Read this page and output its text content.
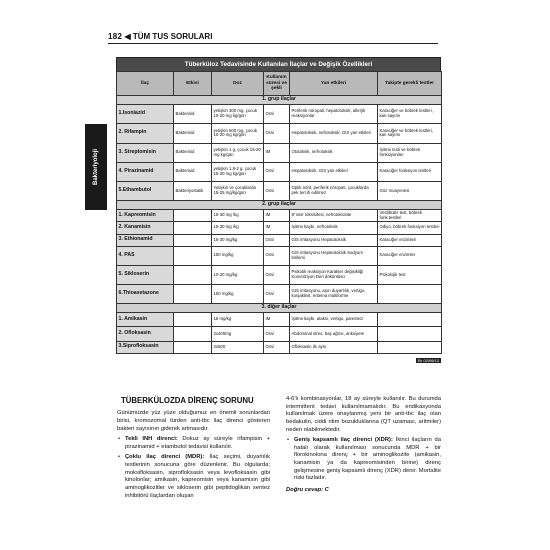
182 ◀ TÜM TUS SORULARI
Bakteriyoloji
Tüberküloz Tedavisinde Kullanılan İlaçlar ve Değişik Özellikleri
İlaç	Etkisi	Doz	Kullanım süresi ve şekli	Yan etkileri	Takipte gerekli testler
1. grup ilaçlar					
1.Isoniazid	Bakterisid	yetişkin 300 mg, çocuk 10-20 mg kg/gün	Oral	Periferik nöropati, hepatotoksik, allerjik reaksiyonlar	Karaciğer ve böbrek testleri, kan sayımı
2. Rifampin	Bakterisid	yetişkin 600 mg, çocuk 10-20 mg kg/gün	Oral	Hepatotoksik, nefrotoksik, GIS yan etkileri	Karaciğer ve böbrek testleri, kan sayımı
3. Streptomisin	Bakterisid	yetişkin 1 g, çocuk 15-20 mg kg/gün	IM	Ototoksik, nefrotoksik	İşitme testi ve böbrek fonksiyonları
4. Pirazinamid	Bakterisid	yetişkin 1.5-2 g, çocuk 15-30 mg kg/gün	Oral	Hepatotoksik, GIS yan etkileri	Karaciğer fonksiyon testleri
5.Ethambutol	Bakteriyostatik	Yetişkin ve çocuklarda 15-25 mg/kg/gün	Oral	Optik nörit, periferik nöropati, çocuklarda pek tercih edilmez	Göz muayenesi
2. grup ilaçlar					
1. Kapreomisin		15-30 mg /kg	IM	8' sinir toksisitesi, nefrotoksisite	Vestibüler test, böbrek fonk.testleri
2. Kanamisin		15-30 mg /kg	IM	İşitme kaybı, nefrotoksik	Odiyo, böbrek fonksiyon testleri
3. Ethionamid		15-30 mg/kg	Oral	GIS irritasyonu Hepatotoksik	Karaciğer enzimleri
4. PAS		150 mg/kg	Oral	GIS irritasyonu Hepatotoksik Sodyum birikimi	Karaciğer enzimler
5. Sikloserin		10-20 mg/kg	Oral	Psikotik reaksiyon Karakter değişikliği Konvülziyon Deri döküntüsü	Psikolojik test
6.Thioasetazone		150 mg/kg	Oral	GIS irritasyonu, aşırı duyarlılık, vertigo, konjaktivit, eritema multiforme	
3. diğer ilaçlar					
1. Amikasin		15 mg/kg	IM	İşitme kaybı, ataksi, vertigo, parestezi	
2. Ofloksasin		2x400mg	Oral	Abdominal stres, baş ağrısı, anksiyete	
3.Siprofloksasin		2x500	Oral	Ofloksasin ile aynı	
Ek 02/06/13
TÜBERKÜLOZDA DİRENÇ SORUNU

Günümüzde yüz yüze olduğumuz en önemli sorunlardan birisi, kromozomal türden anti-tbc ilaç direnci gösteren bakteri sayısının giderek artmasıdır.

• Tekli INH direnci: Dokuz ay süreyle rifampisin + pirazinamid + etambutol tedavisi kullanılır.

• Çoklu ilaç direnci (MDR): İlaç seçimi, duyarlılık testlerinin sonucuna göre düzenlenir. Bu olgularda; moksifloksasin, siprofloksasin veya levofloksasin gibi kinolonlar; amikasin, kapreomisin veya kanamisin gibi aminoglikozitler ve sikloserin gibi peptidoglikan sentez inhibitörü ilaçlardan oluşan

4-6'lı kombinasyonlar, 18 ay süreyle kullanılır. Bu durumda intermittent tedavi kullanılmamalıdır. Bu endikasyonda kullanılmak üzere onaylanmış yeni bir anti-tbc ilaç olan bedakulin, ciddi ritim bozukluklarına (QT uzaması, aritmiler) neden olabilmektedir.

• Geniş kapsamlı ilaç direnci (XDR): İkinci ilaçların da hatalı olarak kullanılması sonucunda MDR + bir florokinolona direnç + bir aminoglikozite (amikasin, kanamisin ya da kapreomisinden birine) direnç gelişmesine geniş kapsamlı direnç (XDR) denir. Mortalite riski fazladır.

Doğru cevap: C
